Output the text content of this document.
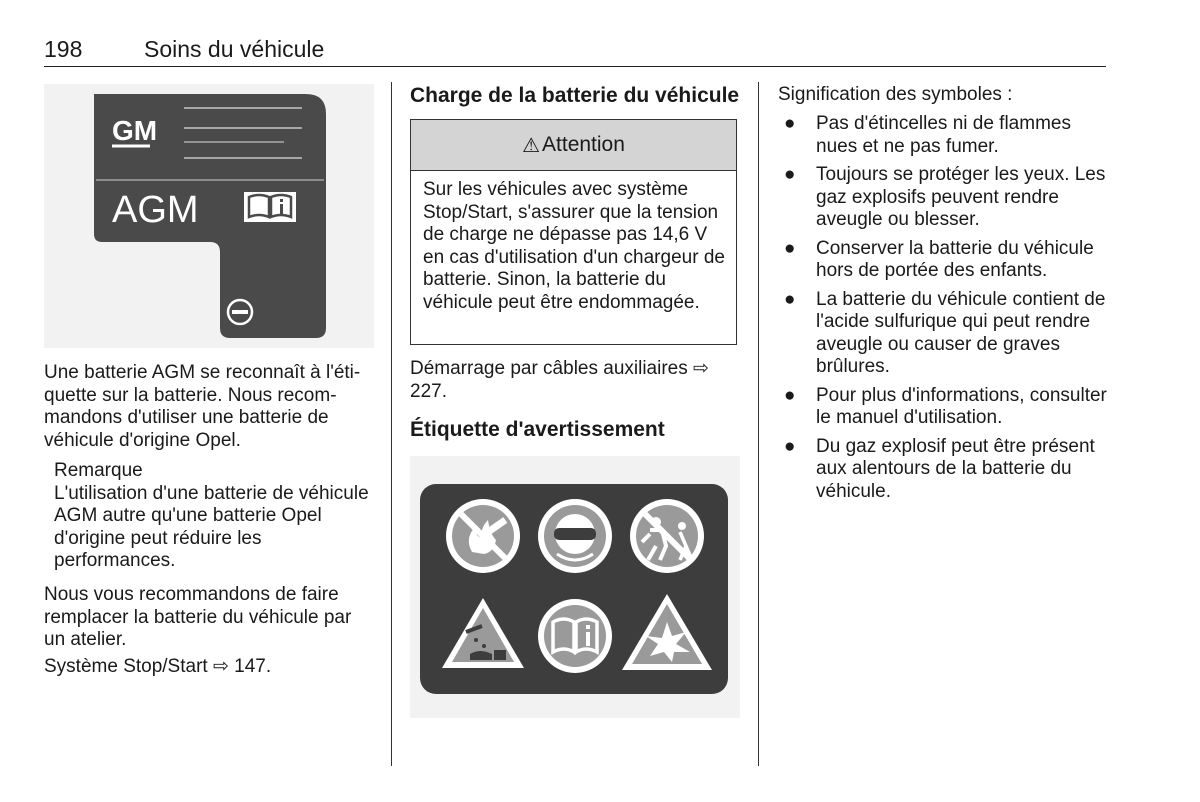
198	Soins du véhicule
GM
AGM

Une batterie AGM se reconnaît à l'étiquette sur la batterie. Nous recommandons d'utiliser une batterie de véhicule d'origine Opel.

Remarque

L'utilisation d'une batterie de véhicule AGM autre qu'une batterie Opel d'origine peut réduire les performances.

Nous vous recommandons de faire remplacer la batterie du véhicule par un atelier.

Système Stop/Start ⇨ 147.

Charge de la batterie du véhicule
⚠ Attention
Sur les véhicules avec système Stop/Start, s'assurer que la tension de charge ne dépasse pas 14,6 V en cas d'utilisation d'un chargeur de batterie. Sinon, la batterie du véhicule peut être endommagée.

Démarrage par câbles auxiliaires ⇨ 227.

Étiquette d'avertissement
Signification des symboles :
● Pas d'étincelles ni de flammes nues et ne pas fumer.
● Toujours se protéger les yeux. Les gaz explosifs peuvent rendre aveugle ou blesser.
● Conserver la batterie du véhicule hors de portée des enfants.
● La batterie du véhicule contient de l'acide sulfurique qui peut rendre aveugle ou causer de graves brûlures.
● Pour plus d'informations, consulter le manuel d'utilisation.
● Du gaz explosif peut être présent aux alentours de la batterie du véhicule.
